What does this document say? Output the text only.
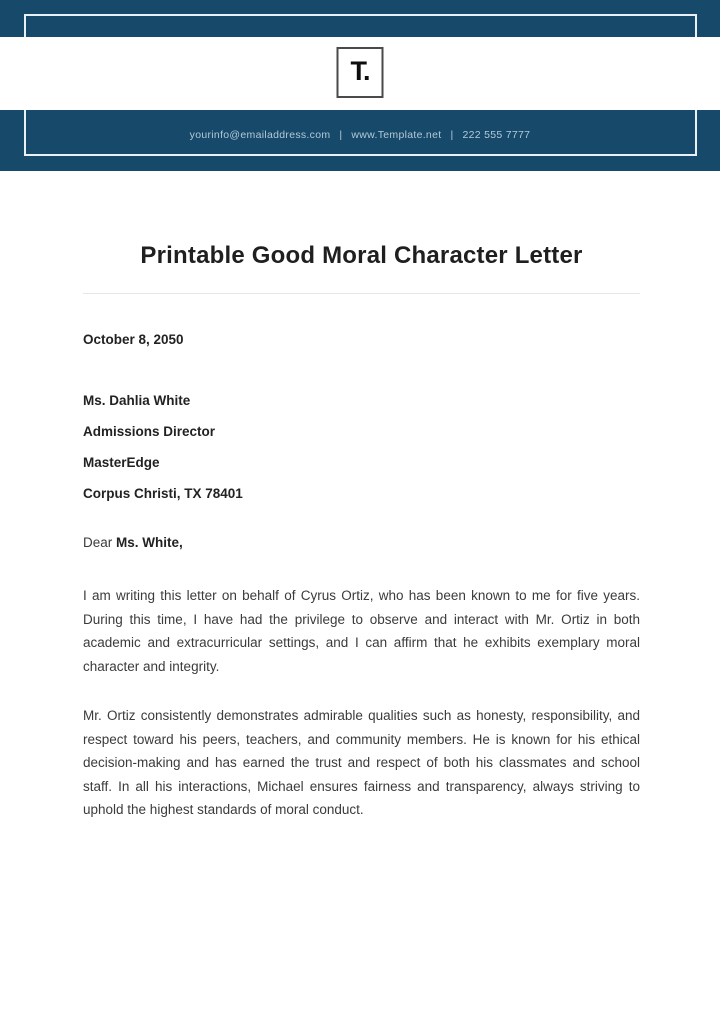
T.
yourinfo@emailaddress.com | www.Template.net | 222 555 7777
Printable Good Moral Character Letter
October 8, 2050
Ms. Dahlia White
Admissions Director
MasterEdge
Corpus Christi, TX 78401
Dear Ms. White,

I am writing this letter on behalf of Cyrus Ortiz, who has been known to me for five years. During this time, I have had the privilege to observe and interact with Mr. Ortiz in both academic and extracurricular settings, and I can affirm that he exhibits exemplary moral character and integrity.

Mr. Ortiz consistently demonstrates admirable qualities such as honesty, responsibility, and respect toward his peers, teachers, and community members. He is known for his ethical decision-making and has earned the trust and respect of both his classmates and school staff. In all his interactions, Michael ensures fairness and transparency, always striving to uphold the highest standards of moral conduct.
